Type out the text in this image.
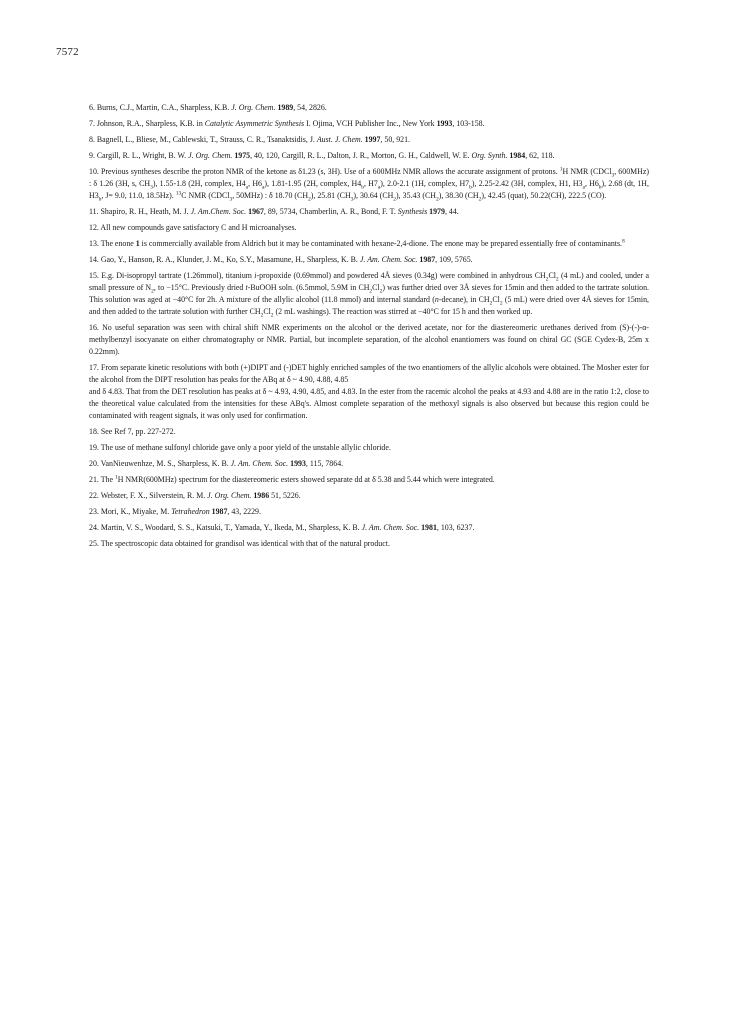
7572

6. Burns, C.J., Martin, C.A., Sharpless, K.B. J. Org. Chem. 1989, 54, 2826.

7. Johnson, R.A., Sharpless, K.B. in Catalytic Asymmetric Synthesis I. Ojima, VCH Publisher Inc., New York 1993, 103-158.

8. Bagnell, L., Bliese, M., Cablewski, T., Strauss, C. R., Tsanaktsidis, J. Aust. J. Chem. 1997, 50, 921.

9. Cargill, R. L., Wright, B. W. J. Org. Chem. 1975, 40, 120, Cargill, R. L., Dalton, J. R., Morton, G. H., Caldwell, W. E. Org. Synth. 1984, 62, 118.

10. Previous syntheses describe the proton NMR of the ketone as δ1.23 (s, 3H). Use of a 600MHz NMR allows the accurate assignment of protons. $^1$H NMR (CDCl$_3$, 600MHz) : δ 1.26 (3H, s, $CH_3$), 1.55-1.8 (2H, complex, $H4_a$, $H6_a$), 1.81-1.95 (2H, complex, $H4_b$, $H7_a$), 2.0-2.1 (1H, complex, $H7_b$), 2.25-2.42 (3H, complex, H1, $H3_a$, $H6_b$), 2.68 (dt, 1H, $H3_b$, J= 9.0, 11.0, 18.5Hz). $^{13}$C NMR (CDCl$_3$, 50MHz) : δ 18.70 $(CH_2)$, 25.81 $(CH_3)$, 30.64 $(CH_2)$, 35.43 $(CH_2)$, 38.30 $(CH_2)$, 42.45 (quat), 50.22(CH), 222.5 (CO).

11. Shapiro, R. H., Heath, M. J. J. Am.Chem. Soc. 1967, 89, 5734, Chamberlin, A. R., Bond, F. T. Synthesis 1979, 44.

12. All new compounds gave satisfactory C and H microanalyses.

13. The enone 1 is commercially available from Aldrich but it may be contaminated with hexane-2,4-dione. The enone may be prepared essentially free of contaminants.$^8$

14. Gao, Y., Hanson, R. A., Klunder, J. M., Ko, S.Y., Masamune, H., Sharpless, K. B. J. Am. Chem. Soc. 1987, 109, 5765.

15. E.g. Di-isopropyl tartrate (1.26mmol), titanium i-propoxide (0.69mmol) and powdered 4Å sieves (0.34g) were combined in anhydrous $CH_2Cl_2$ (4 mL) and cooled, under a small pressure of $N_2$, to −15°C. Previously dried t-BuOOH soln. (6.5mmol, 5.9M in $CH_2Cl_2$) was further dried over 3Å sieves for 15min and then added to the tartrate solution. This solution was aged at −40°C for 2h. A mixture of the allylic alcohol (11.8 mmol) and internal standard (n-decane), in $CH_2Cl_2$ (5 mL) were dried over 4Å sieves for 15min, and then added to the tartrate solution with further $CH_2Cl_2$ (2 mL washings). The reaction was stirred at −40°C for 15 h and then worked up.

16. No useful separation was seen with chiral shift NMR experiments on the alcohol or the derived acetate, nor for the diastereomeric urethanes derived from (S)-(-)-α-methylbenzyl isocyanate on either chromatography or NMR. Partial, but incomplete separation, of the alcohol enantiomers was found on chiral GC (SGE Cydex-B, 25m x 0.22mm).

17. From separate kinetic resolutions with both (+)DIPT and (-)DET highly enriched samples of the two enantiomers of the allylic alcohols were obtained. The Mosher ester for the alcohol from the DIPT resolution has peaks for the ABq at δ ~ 4.90, 4.88, 4.85
and δ 4.83. That from the DET resolution has peaks at δ ~ 4.93, 4.90, 4.85, and 4.83. In the ester from the racemic alcohol the peaks at 4.93 and 4.88 are in the ratio 1:2, close to the theoretical value calculated from the intensities for these ABq's. Almost complete separation of the methoxyl signals is also observed but because this region could be contaminated with reagent signals, it was only used for confirmation.

18. See Ref 7, pp. 227-272.

19. The use of methane sulfonyl chloride gave only a poor yield of the unstable allylic chloride.

20. VanNieuwenhze, M. S., Sharpless, K. B. J. Am. Chem. Soc. 1993, 115, 7864.

21. The $^1$H NMR(600MHz) spectrum for the diastereomeric esters showed separate dd at δ 5.38 and 5.44 which were integrated.

22. Webster, F. X., Silverstein, R. M. J. Org. Chem. 1986 51, 5226.

23. Mori, K., Miyake, M. Tetrahedron 1987, 43, 2229.

24. Martin, V. S., Woodard, S. S., Katsuki, T., Yamada, Y., Ikeda, M., Sharpless, K. B. J. Am. Chem. Soc. 1981, 103, 6237.

25. The spectroscopic data obtained for grandisol was identical with that of the natural product.
